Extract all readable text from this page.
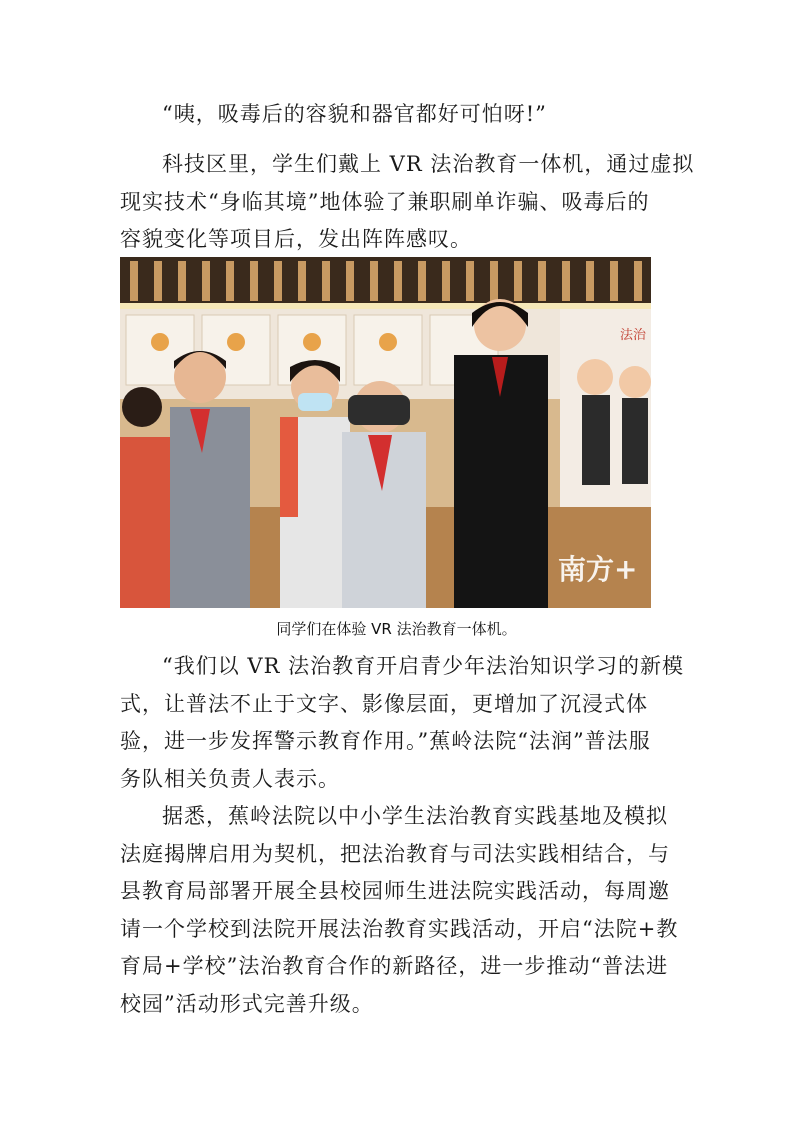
“咦，吸毒后的容貌和器官都好可怕呀!”
科技区里，学生们戴上 VR 法治教育一体机，通过虚拟
现实技术“身临其境”地体验了兼职刷单诈骗、吸毒后的
容貌变化等项目后，发出阵阵感叹。
法治
南方+
同学们在体验 VR 法治教育一体机。
“我们以 VR 法治教育开启青少年法治知识学习的新模
式，让普法不止于文字、影像层面，更增加了沉浸式体
验，进一步发挥警示教育作用。”蕉岭法院“法润”普法服
务队相关负责人表示。
据悉，蕉岭法院以中小学生法治教育实践基地及模拟
法庭揭牌启用为契机，把法治教育与司法实践相结合，与
县教育局部署开展全县校园师生进法院实践活动，每周邀
请一个学校到法院开展法治教育实践活动，开启“法院+教
育局+学校”法治教育合作的新路径，进一步推动“普法进
校园”活动形式完善升级。
